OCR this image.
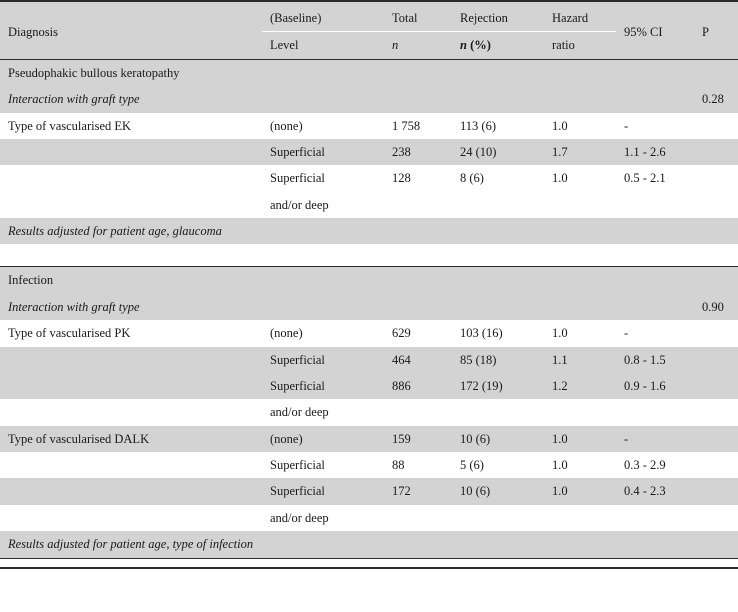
Diagnosis	(Baseline)	Total	Rejection	Hazard	95% CI	P
	Level	n	n (%)	ratio		
Pseudophakic bullous keratopathy						
Interaction with graft type						0.28
Type of vascularised EK	(none)	1 758	113 (6)	1.0	-	
	Superficial	238	24 (10)	1.7	1.1 - 2.6	
	Superficial	128	8 (6)	1.0	0.5 - 2.1	
	and/or deep					
Results adjusted for patient age, glaucoma						

Infection						
Interaction with graft type						0.90
Type of vascularised PK	(none)	629	103 (16)	1.0	-	
	Superficial	464	85 (18)	1.1	0.8 - 1.5	
	Superficial	886	172 (19)	1.2	0.9 - 1.6	
	and/or deep					
Type of vascularised DALK	(none)	159	10 (6)	1.0	-	
	Superficial	88	5 (6)	1.0	0.3 - 2.9	
	Superficial	172	10 (6)	1.0	0.4 - 2.3	
	and/or deep					
Results adjusted for patient age, type of infection						
